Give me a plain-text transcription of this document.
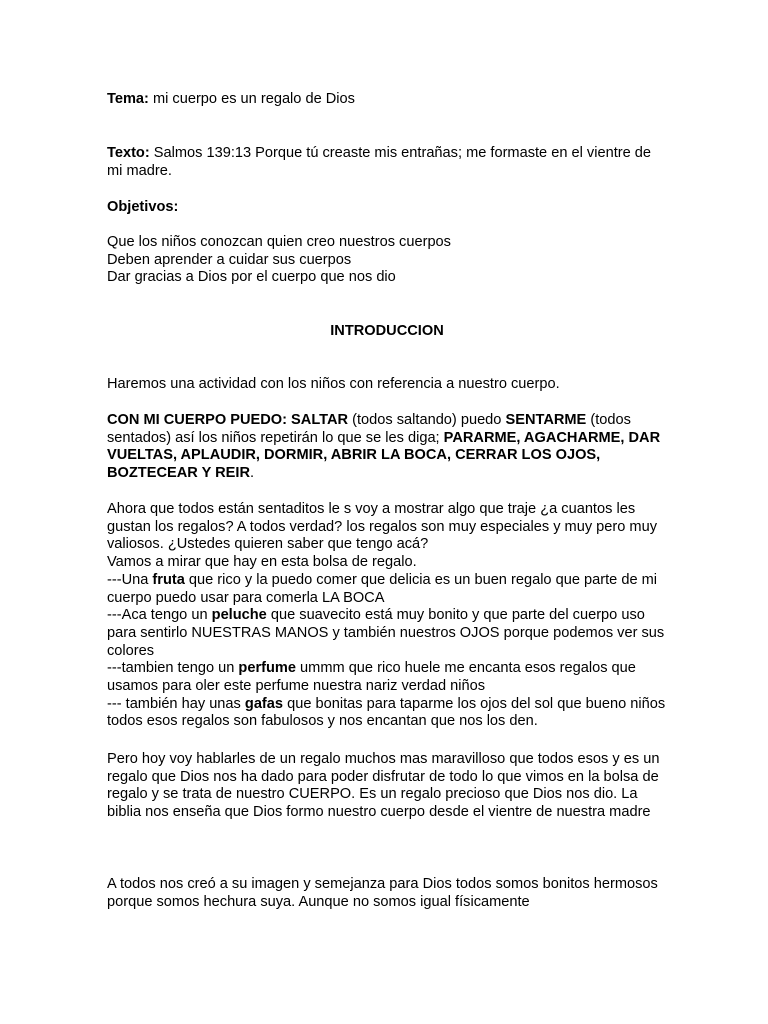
Tema: mi cuerpo es un regalo de Dios

Texto: Salmos 139:13 Porque tú creaste mis entrañas; me formaste en el vientre de mi madre.

Objetivos:

Que los niños conozcan quien creo nuestros cuerpos

Deben aprender a cuidar sus cuerpos

Dar gracias a Dios por el cuerpo que nos dio

INTRODUCCION

Haremos una actividad con los niños con referencia a nuestro cuerpo.

CON MI CUERPO PUEDO: SALTAR (todos saltando) puedo SENTARME (todos sentados) así los niños repetirán lo que se les diga; PARARME, AGACHARME, DAR VUELTAS, APLAUDIR, DORMIR, ABRIR LA BOCA, CERRAR LOS OJOS, BOZTECEAR Y REIR.

Ahora que todos están sentaditos le s voy a mostrar algo que traje ¿a cuantos les gustan los regalos? A todos verdad? los regalos son muy especiales y muy pero muy valiosos. ¿Ustedes quieren saber que tengo acá?

Vamos a mirar que hay en esta bolsa de regalo.

---Una fruta que rico y la puedo comer que delicia es un buen regalo que parte de mi cuerpo puedo usar para comerla LA BOCA

---Aca tengo un peluche que suavecito está muy bonito y que parte del cuerpo uso para sentirlo NUESTRAS MANOS y también nuestros OJOS porque podemos ver sus colores

---tambien tengo un perfume ummm que rico huele me encanta esos regalos que usamos para oler este perfume nuestra nariz verdad niños

--- también hay unas gafas que bonitas para taparme los ojos del sol que bueno niños todos esos regalos son fabulosos y nos encantan que nos los den.

Pero hoy voy hablarles de un regalo muchos mas maravilloso que todos esos y es un regalo que Dios nos ha dado para poder disfrutar de todo lo que vimos en la bolsa de regalo y se trata de nuestro CUERPO. Es un regalo precioso que Dios nos dio. La biblia nos enseña que Dios formo nuestro cuerpo desde el vientre de nuestra madre

A todos nos creó a su imagen y semejanza para Dios todos somos bonitos hermosos porque somos hechura suya. Aunque no somos igual físicamente
